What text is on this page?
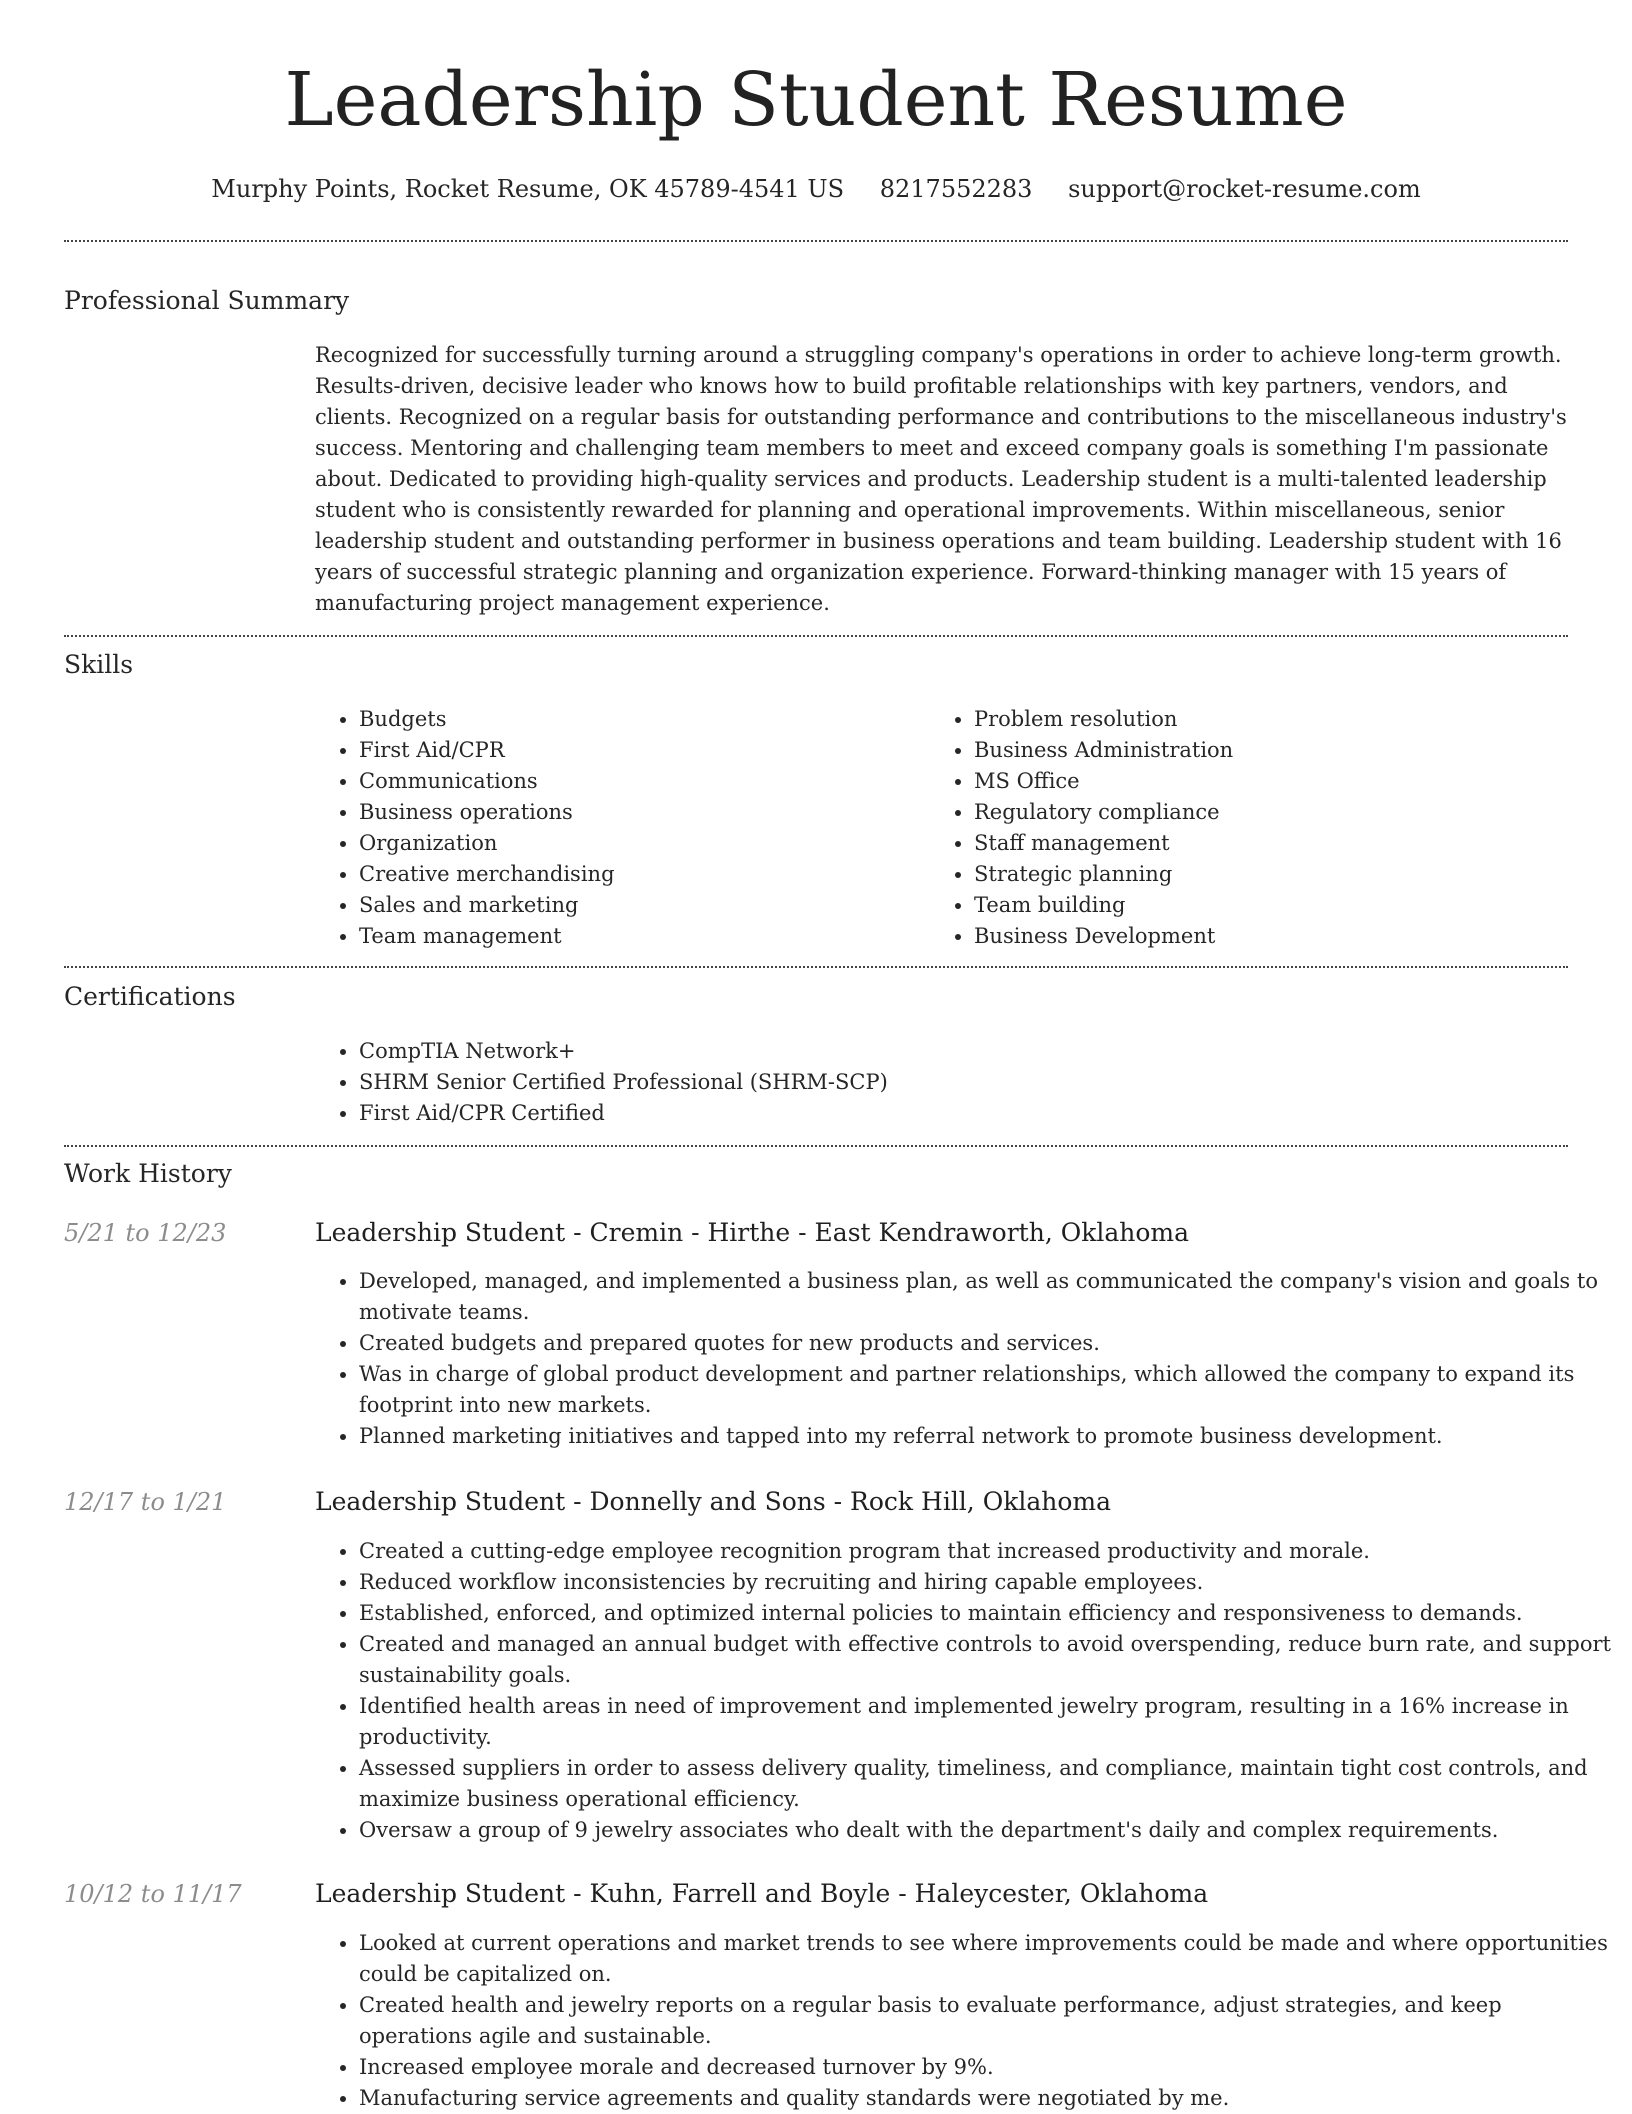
Leadership Student Resume
Murphy Points, Rocket Resume, OK 45789-4541 US 8217552283 support@rocket-resume.com
Professional Summary

Recognized for successfully turning around a struggling company's operations in order to achieve long-term growth. Results-driven, decisive leader who knows how to build profitable relationships with key partners, vendors, and clients. Recognized on a regular basis for outstanding performance and contributions to the miscellaneous industry's success. Mentoring and challenging team members to meet and exceed company goals is something I'm passionate about. Dedicated to providing high-quality services and products. Leadership student is a multi-talented leadership student who is consistently rewarded for planning and operational improvements. Within miscellaneous, senior leadership student and outstanding performer in business operations and team building. Leadership student with 16 years of successful strategic planning and organization experience. Forward-thinking manager with 15 years of manufacturing project management experience.

Skills
• Budgets
• First Aid/CPR
• Communications
• Business operations
• Organization
• Creative merchandising
• Sales and marketing
• Team management
• Problem resolution
• Business Administration
• MS Office
• Regulatory compliance
• Staff management
• Strategic planning
• Team building
• Business Development
Certifications
• CompTIA Network+
• SHRM Senior Certified Professional (SHRM-SCP)
• First Aid/CPR Certified
Work History
5/21 to 12/23	Leadership Student - Cremin - Hirthe - East Kendraworth, Oklahoma
• Developed, managed, and implemented a business plan, as well as communicated the company's vision and goals to motivate teams.
• Created budgets and prepared quotes for new products and services.
• Was in charge of global product development and partner relationships, which allowed the company to expand its footprint into new markets.
• Planned marketing initiatives and tapped into my referral network to promote business development.
12/17 to 1/21	Leadership Student - Donnelly and Sons - Rock Hill, Oklahoma
• Created a cutting-edge employee recognition program that increased productivity and morale.
• Reduced workflow inconsistencies by recruiting and hiring capable employees.
• Established, enforced, and optimized internal policies to maintain efficiency and responsiveness to demands.
• Created and managed an annual budget with effective controls to avoid overspending, reduce burn rate, and support sustainability goals.
• Identified health areas in need of improvement and implemented jewelry program, resulting in a 16% increase in productivity.
• Assessed suppliers in order to assess delivery quality, timeliness, and compliance, maintain tight cost controls, and maximize business operational efficiency.
• Oversaw a group of 9 jewelry associates who dealt with the department's daily and complex requirements.
10/12 to 11/17	Leadership Student - Kuhn, Farrell and Boyle - Haleycester, Oklahoma
• Looked at current operations and market trends to see where improvements could be made and where opportunities could be capitalized on.
• Created health and jewelry reports on a regular basis to evaluate performance, adjust strategies, and keep operations agile and sustainable.
• Increased employee morale and decreased turnover by 9%.
• Manufacturing service agreements and quality standards were negotiated by me.
